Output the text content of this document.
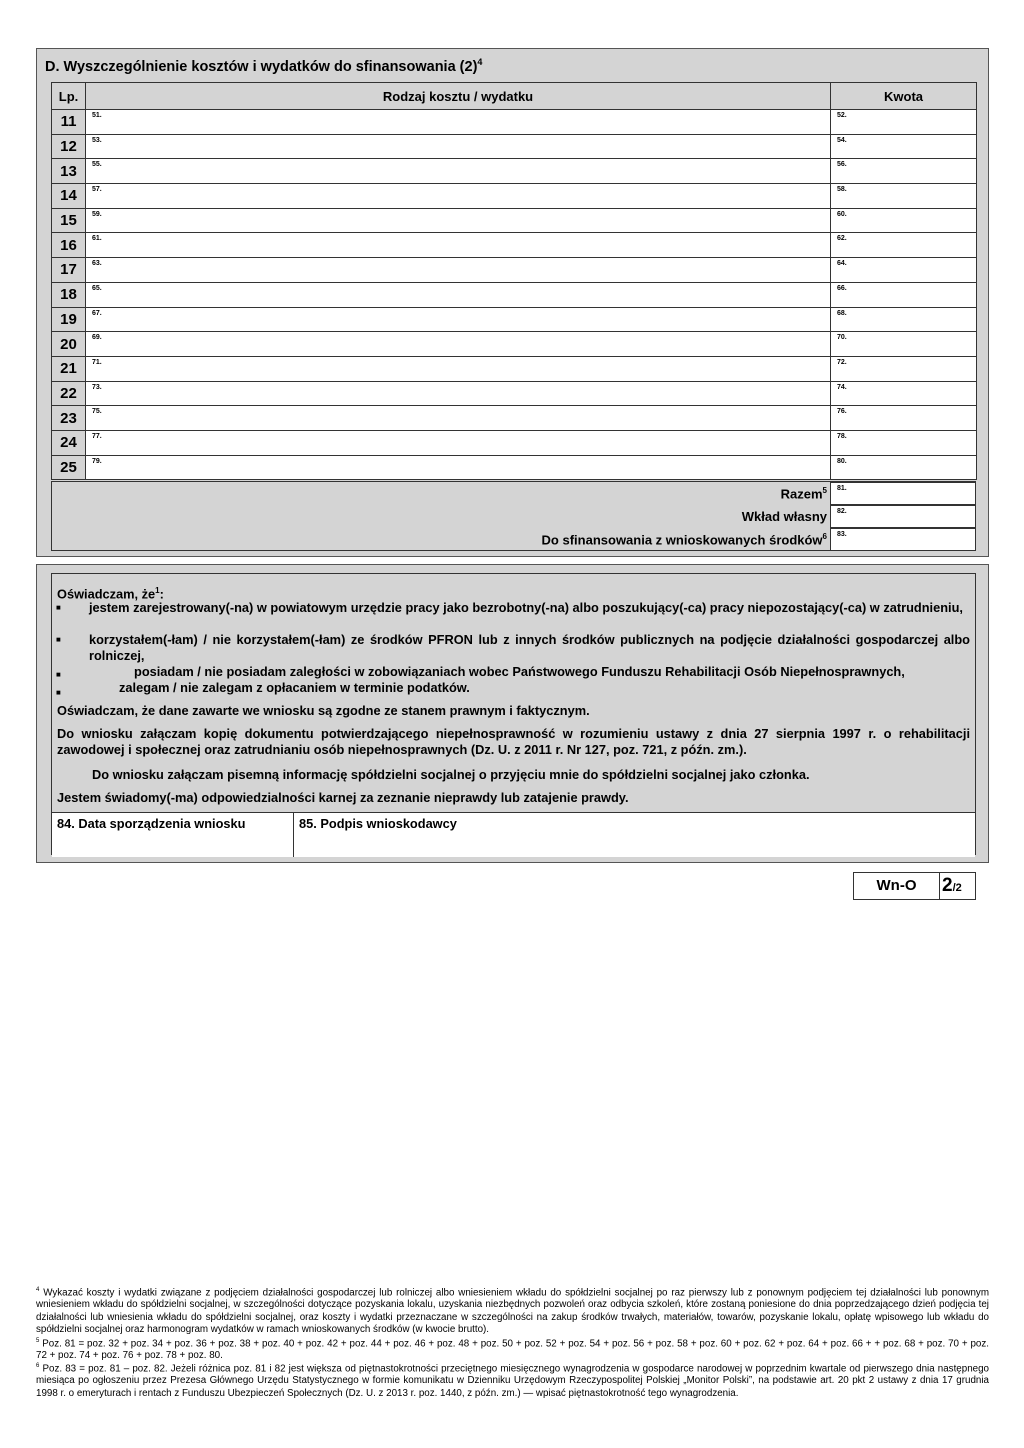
D. Wyszczególnienie kosztów i wydatków do sfinansowania $(2)^4$
Lp.	Rodzaj kosztu / wydatku	Kwota
11	51.	52.

12	53.	54.

13	55.	56.

14	57.	58.

15	59.	60.

16	61.	62.

17	63.	64.

18	65.	66.

19	67.	68.

20	69.	70.

21	71.	72.

22	73.	74.

23	75.	76.

24	77.	78.

25	79.	80.
Razem$^5$ 81.
Wkład własny 82.
Do sfinansowania z wnioskowanych środków$^6$ 83.
Oświadczam, $że^1$:
■ jestem zarejestrowany(-na) w powiatowym urzędzie pracy jako bezrobotny(-na) albo poszukujący(-ca) pracy niepozostający(-ca) w zatrudnieniu,
■ korzystałem(-łam) / nie korzystałem(-łam) ze środków PFRON lub z innych środków publicznych na podjęcie działalności gospodarczej albo rolniczej,
■	posiadam / nie posiadam zaległości w zobowiązaniach wobec Państwowego Funduszu Rehabilitacji Osób Niepełnosprawnych,
■	zalegam / nie zalegam z opłacaniem w terminie podatków.
Oświadczam, że dane zawarte we wniosku są zgodne ze stanem prawnym i faktycznym.
Do wniosku załączam kopię dokumentu potwierdzającego niepełnosprawność w rozumieniu ustawy z dnia 27 sierpnia 1997 r. o rehabilitacji zawodowej i społecznej oraz zatrudnianiu osób niepełnosprawnych (Dz. U. z 2011 r. Nr 127, poz. 721, z późn. zm.).
Do wniosku załączam pisemną informację spółdzielni socjalnej o przyjęciu mnie do spółdzielni socjalnej jako członka.
Jestem świadomy(-ma) odpowiedzialności karnej za zeznanie nieprawdy lub zatajenie prawdy.
84. Data sporządzenia wniosku	85. Podpis wnioskodawcy
Wn-O	2/2
$^4$ Wykazać koszty i wydatki związane z podjęciem działalności gospodarczej lub rolniczej albo wniesieniem wkładu do spółdzielni socjalnej po raz pierwszy lub z ponownym podjęciem tej działalności lub ponownym wniesieniem wkładu do spółdzielni socjalnej, w szczególności dotyczące pozyskania lokalu, uzyskania niezbędnych pozwoleń oraz odbycia szkoleń, które zostaną poniesione do dnia poprzedzającego dzień podjęcia tej działalności lub wniesienia wkładu do spółdzielni socjalnej, oraz koszty i wydatki przeznaczane w szczególności na zakup środków trwałych, materiałów, towarów, pozyskanie lokalu, opłatę wpisowego lub wkładu do spółdzielni socjalnej oraz harmonogram wydatków w ramach wnioskowanych środków (w kwocie brutto).
$^5$ Poz. 81 = poz. 32 + poz. 34 + poz. 36 + poz. 38 + poz. 40 + poz. 42 + poz. 44 + poz. 46 + poz. 48 + poz. 50 + poz. 52 + poz. 54 + poz. 56 + poz. 58 + poz. 60 + poz. 62 + poz. 64 + poz. 66 + + poz. 68 + poz. 70 + poz. 72 + poz. 74 + poz. 76 + poz. 78 + poz. 80.
$^6$ Poz. 83 = poz. 81 – poz. 82. Jeżeli różnica poz. 81 i 82 jest większa od piętnastokrotności przeciętnego miesięcznego wynagrodzenia w gospodarce narodowej w poprzednim kwartale od pierwszego dnia następnego miesiąca po ogłoszeniu przez Prezesa Głównego Urzędu Statystycznego w formie komunikatu w Dzienniku Urzędowym Rzeczypospolitej Polskiej „Monitor Polski”, na podstawie art. 20 pkt 2 ustawy z dnia 17 grudnia 1998 r. o emeryturach i rentach z Funduszu Ubezpieczeń Społecznych (Dz. U. z 2013 r. poz. 1440, z późn. zm.) — wpisać piętnastokrotność tego wynagrodzenia.
